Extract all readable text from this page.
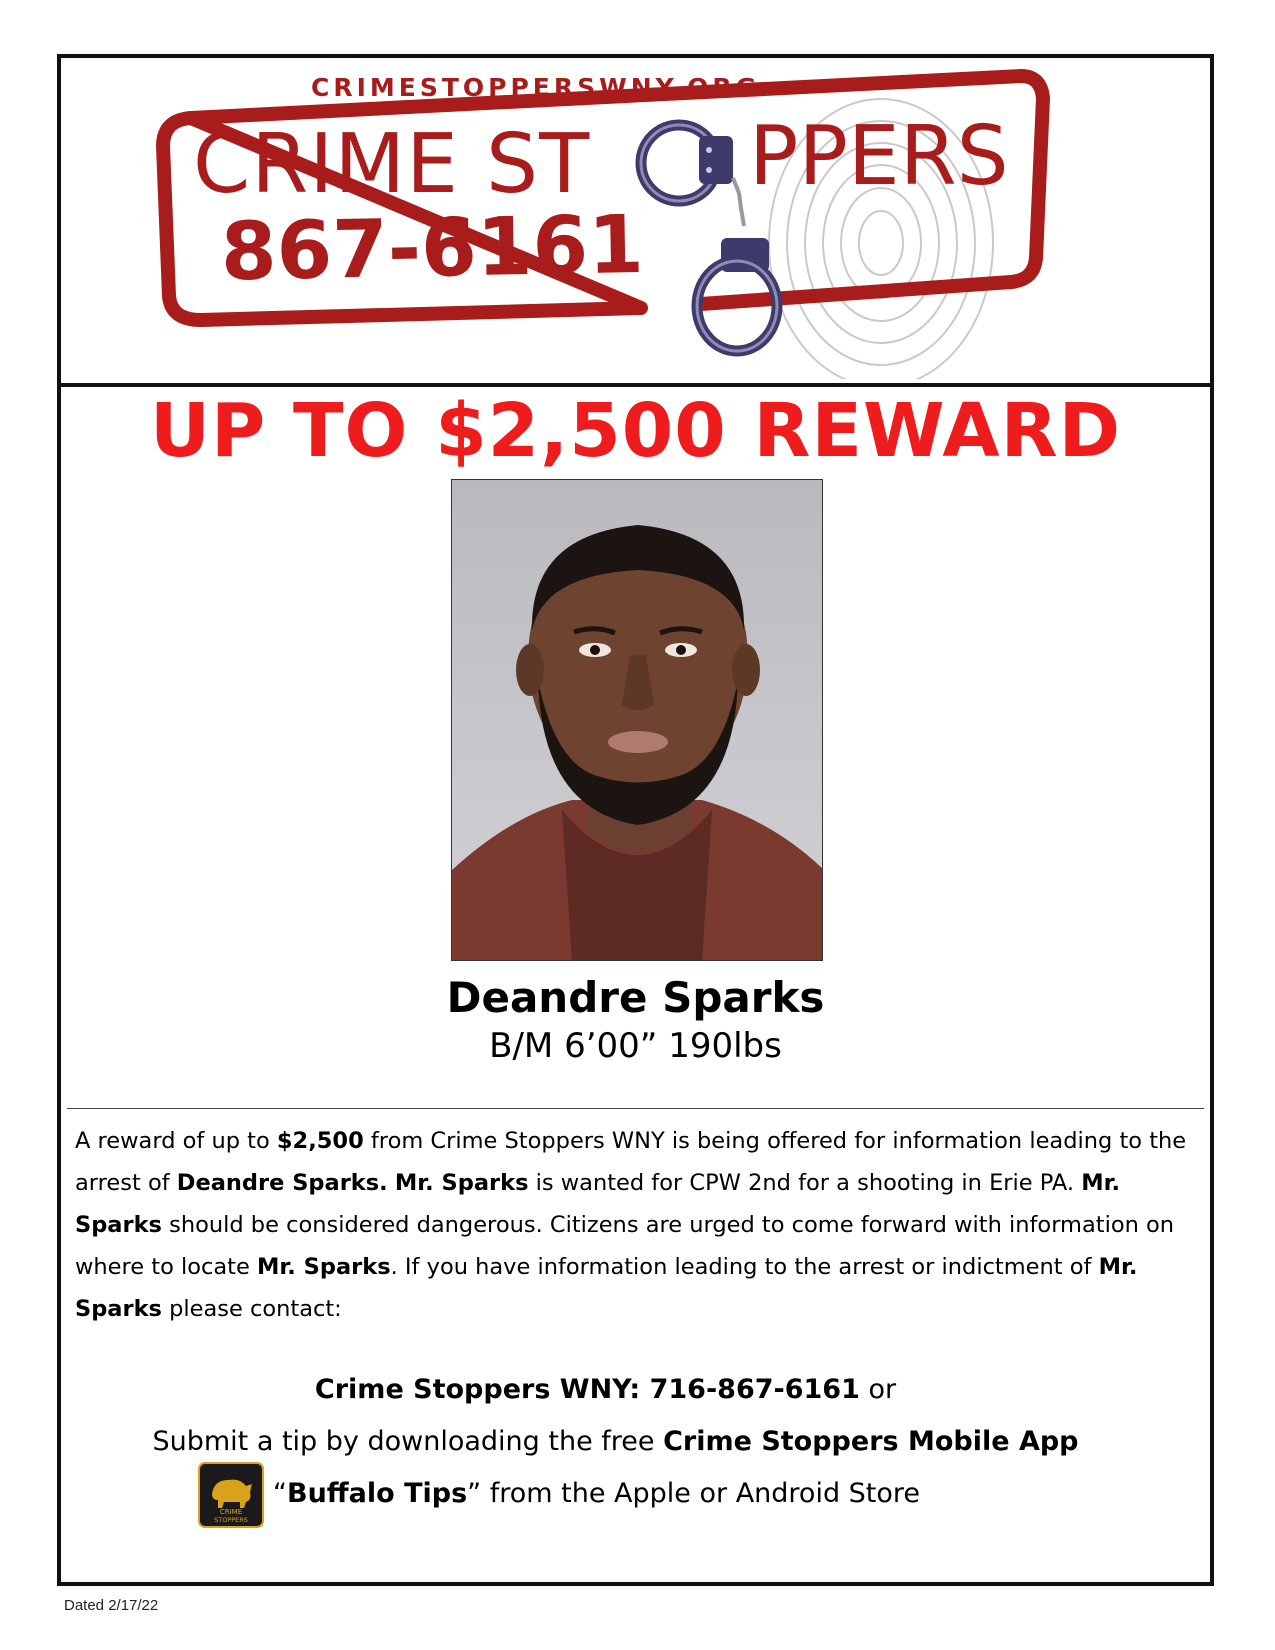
CRIMESTOPPERSWNY.ORG
CRIME ST PPERS
867-6161
UP TO $2,500 REWARD
Deandre Sparks
B/M 6’00” 190lbs
A reward of up to $2,500 from Crime Stoppers WNY is being offered for information leading to the arrest of Deandre Sparks. Mr. Sparks is wanted for CPW 2nd for a shooting in Erie PA. Mr. Sparks should be considered dangerous. Citizens are urged to come forward with information on where to locate Mr. Sparks. If you have information leading to the arrest or indictment of Mr. Sparks please contact:
Crime Stoppers WNY: 716-867-6161 or
Submit a tip by downloading the free Crime Stoppers Mobile App
CRIME
STOPPERS
“Buffalo Tips” from the Apple or Android Store
Dated 2/17/22
